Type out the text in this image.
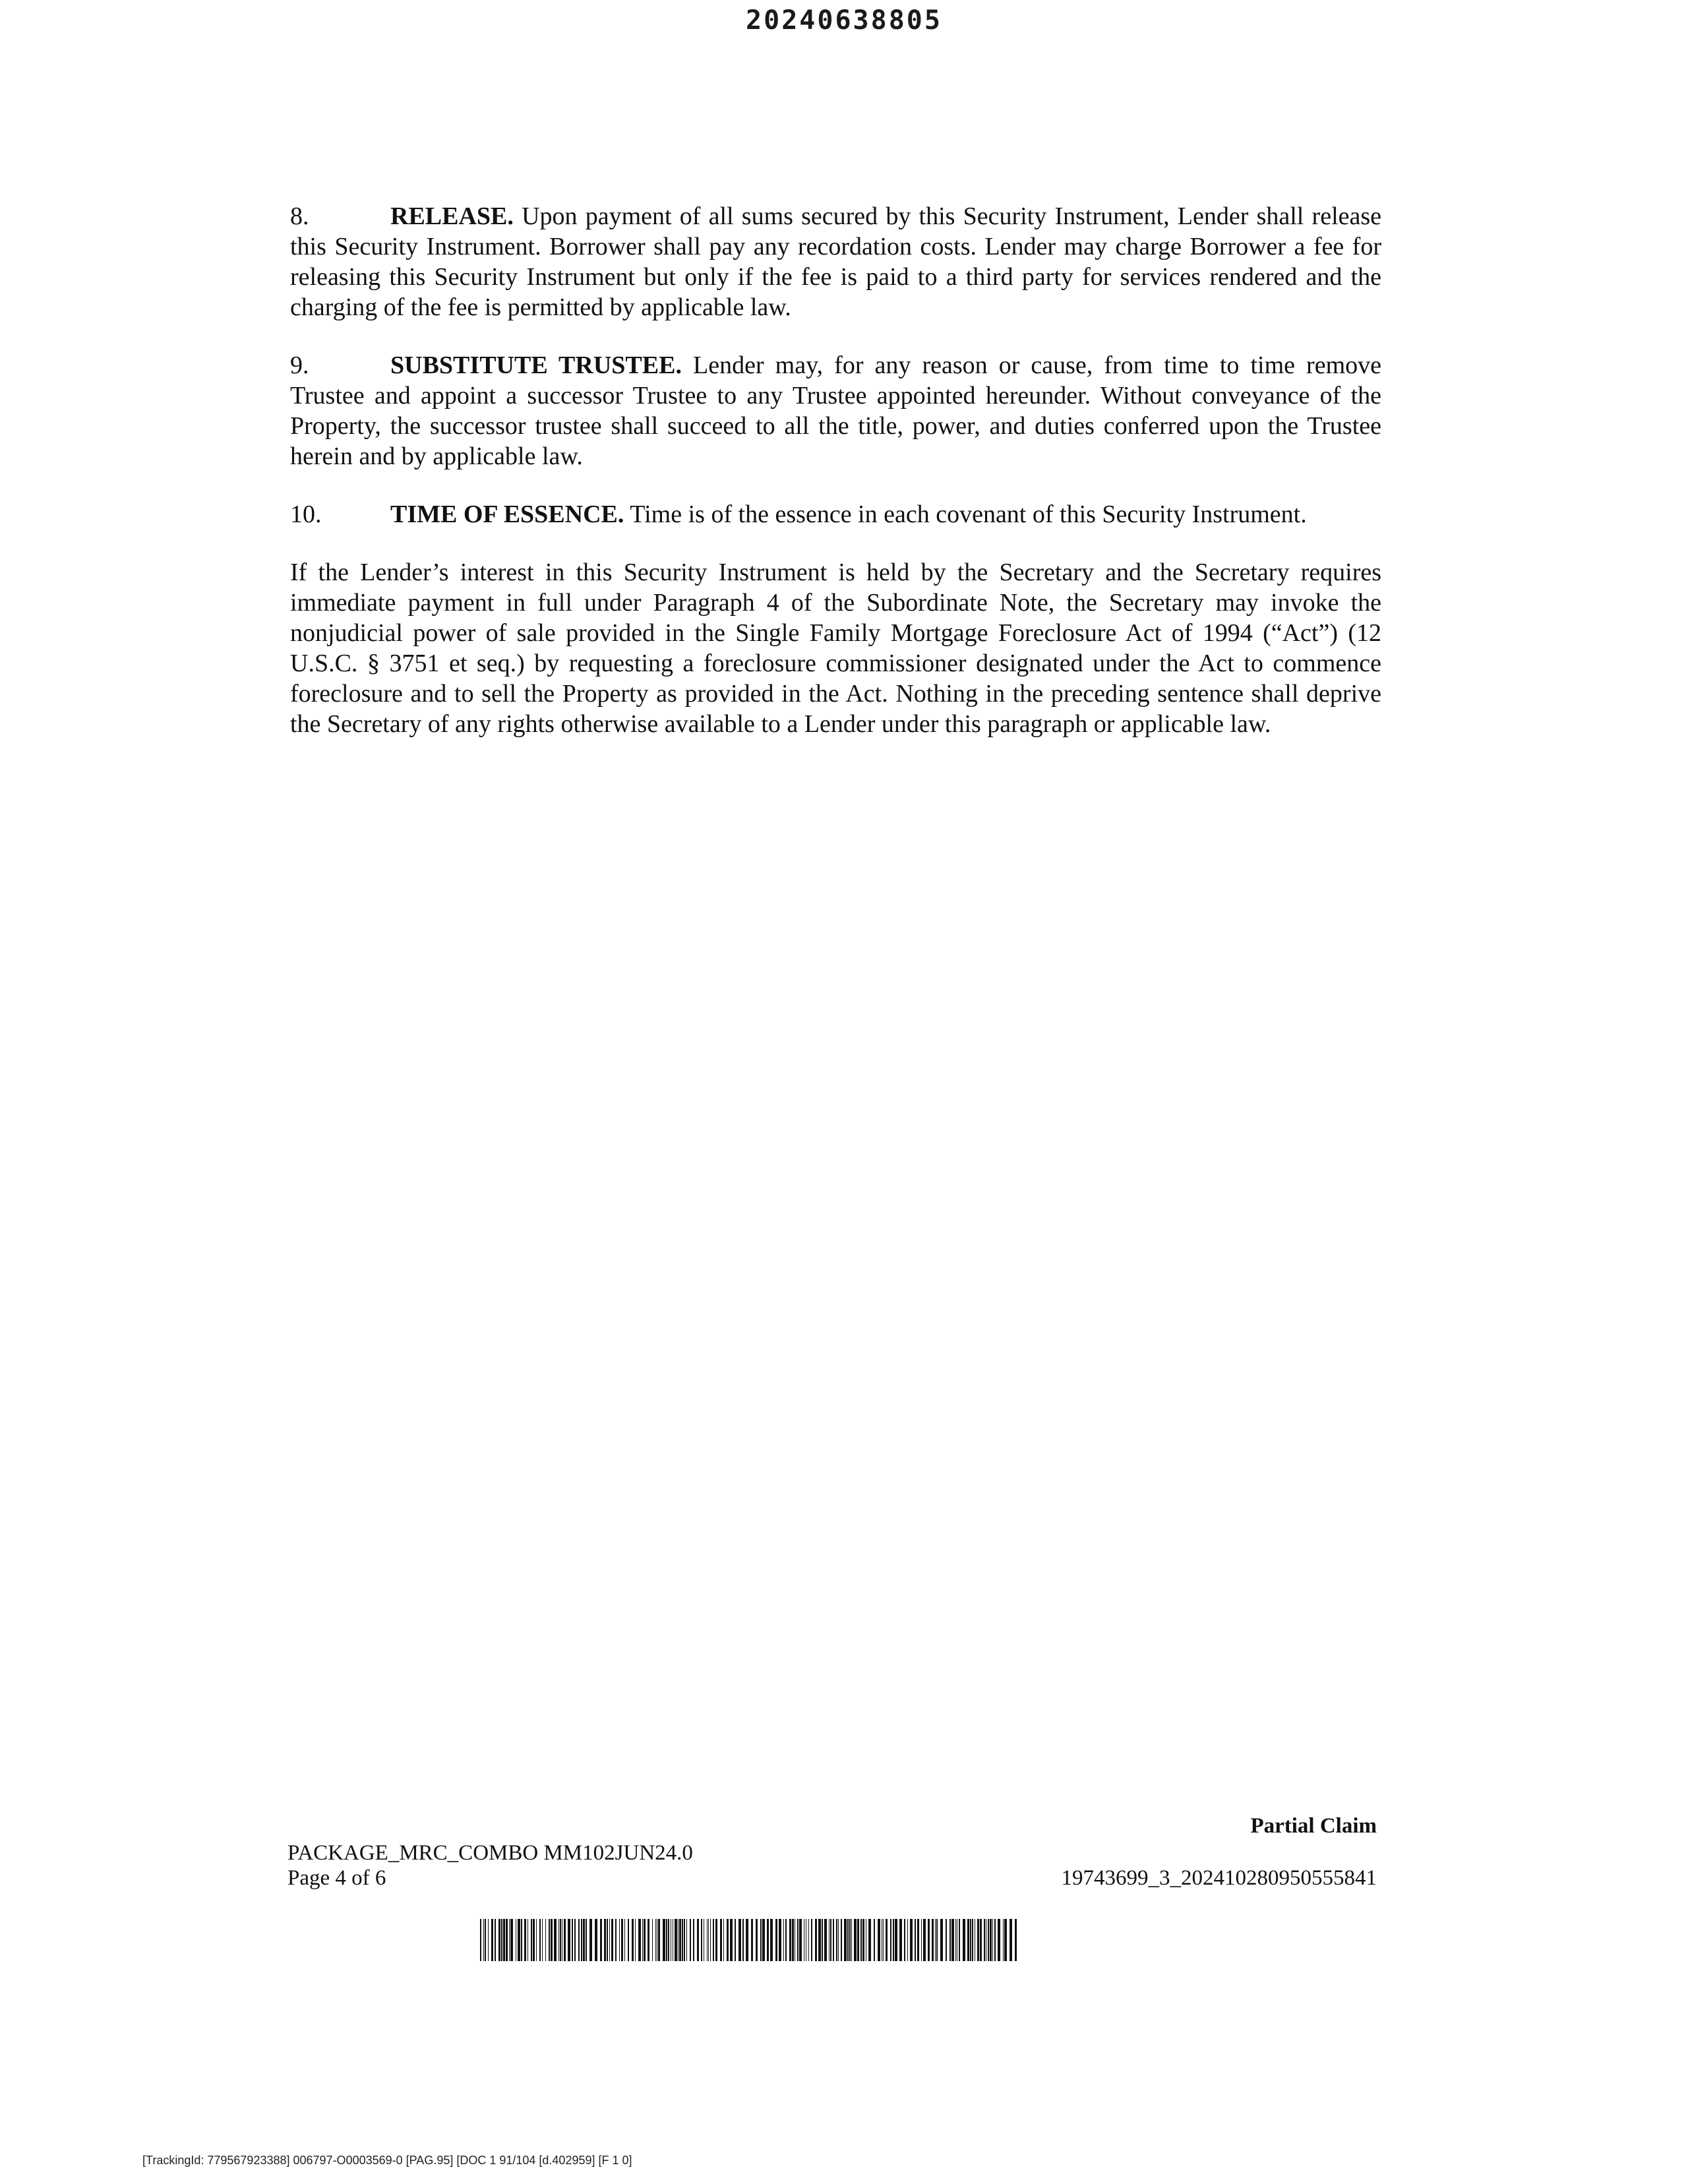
20240638805

8.	RELEASE. Upon payment of all sums secured by this Security Instrument, Lender shall release this Security Instrument. Borrower shall pay any recordation costs. Lender may charge Borrower a fee for releasing this Security Instrument but only if the fee is paid to a third party for services rendered and the charging of the fee is permitted by applicable law.

9.	SUBSTITUTE TRUSTEE. Lender may, for any reason or cause, from time to time remove Trustee and appoint a successor Trustee to any Trustee appointed hereunder. Without conveyance of the Property, the successor trustee shall succeed to all the title, power, and duties conferred upon the Trustee herein and by applicable law.

10.	TIME OF ESSENCE. Time is of the essence in each covenant of this Security Instrument.

If the Lender’s interest in this Security Instrument is held by the Secretary and the Secretary requires immediate payment in full under Paragraph 4 of the Subordinate Note, the Secretary may invoke the nonjudicial power of sale provided in the Single Family Mortgage Foreclosure Act of 1994 (“Act”) (12 U.S.C. § 3751 et seq.) by requesting a foreclosure commissioner designated under the Act to commence foreclosure and to sell the Property as provided in the Act. Nothing in the preceding sentence shall deprive the Secretary of any rights otherwise available to a Lender under this paragraph or applicable law.

PACKAGE_MRC_COMBO MM102JUN24.0
Page 4 of 6
Partial Claim
19743699_3_202410280950555841
[TrackingId: 779567923388] 006797-O0003569-0 [PAG.95] [DOC 1 91/104 [d.402959] [F 1 0]
